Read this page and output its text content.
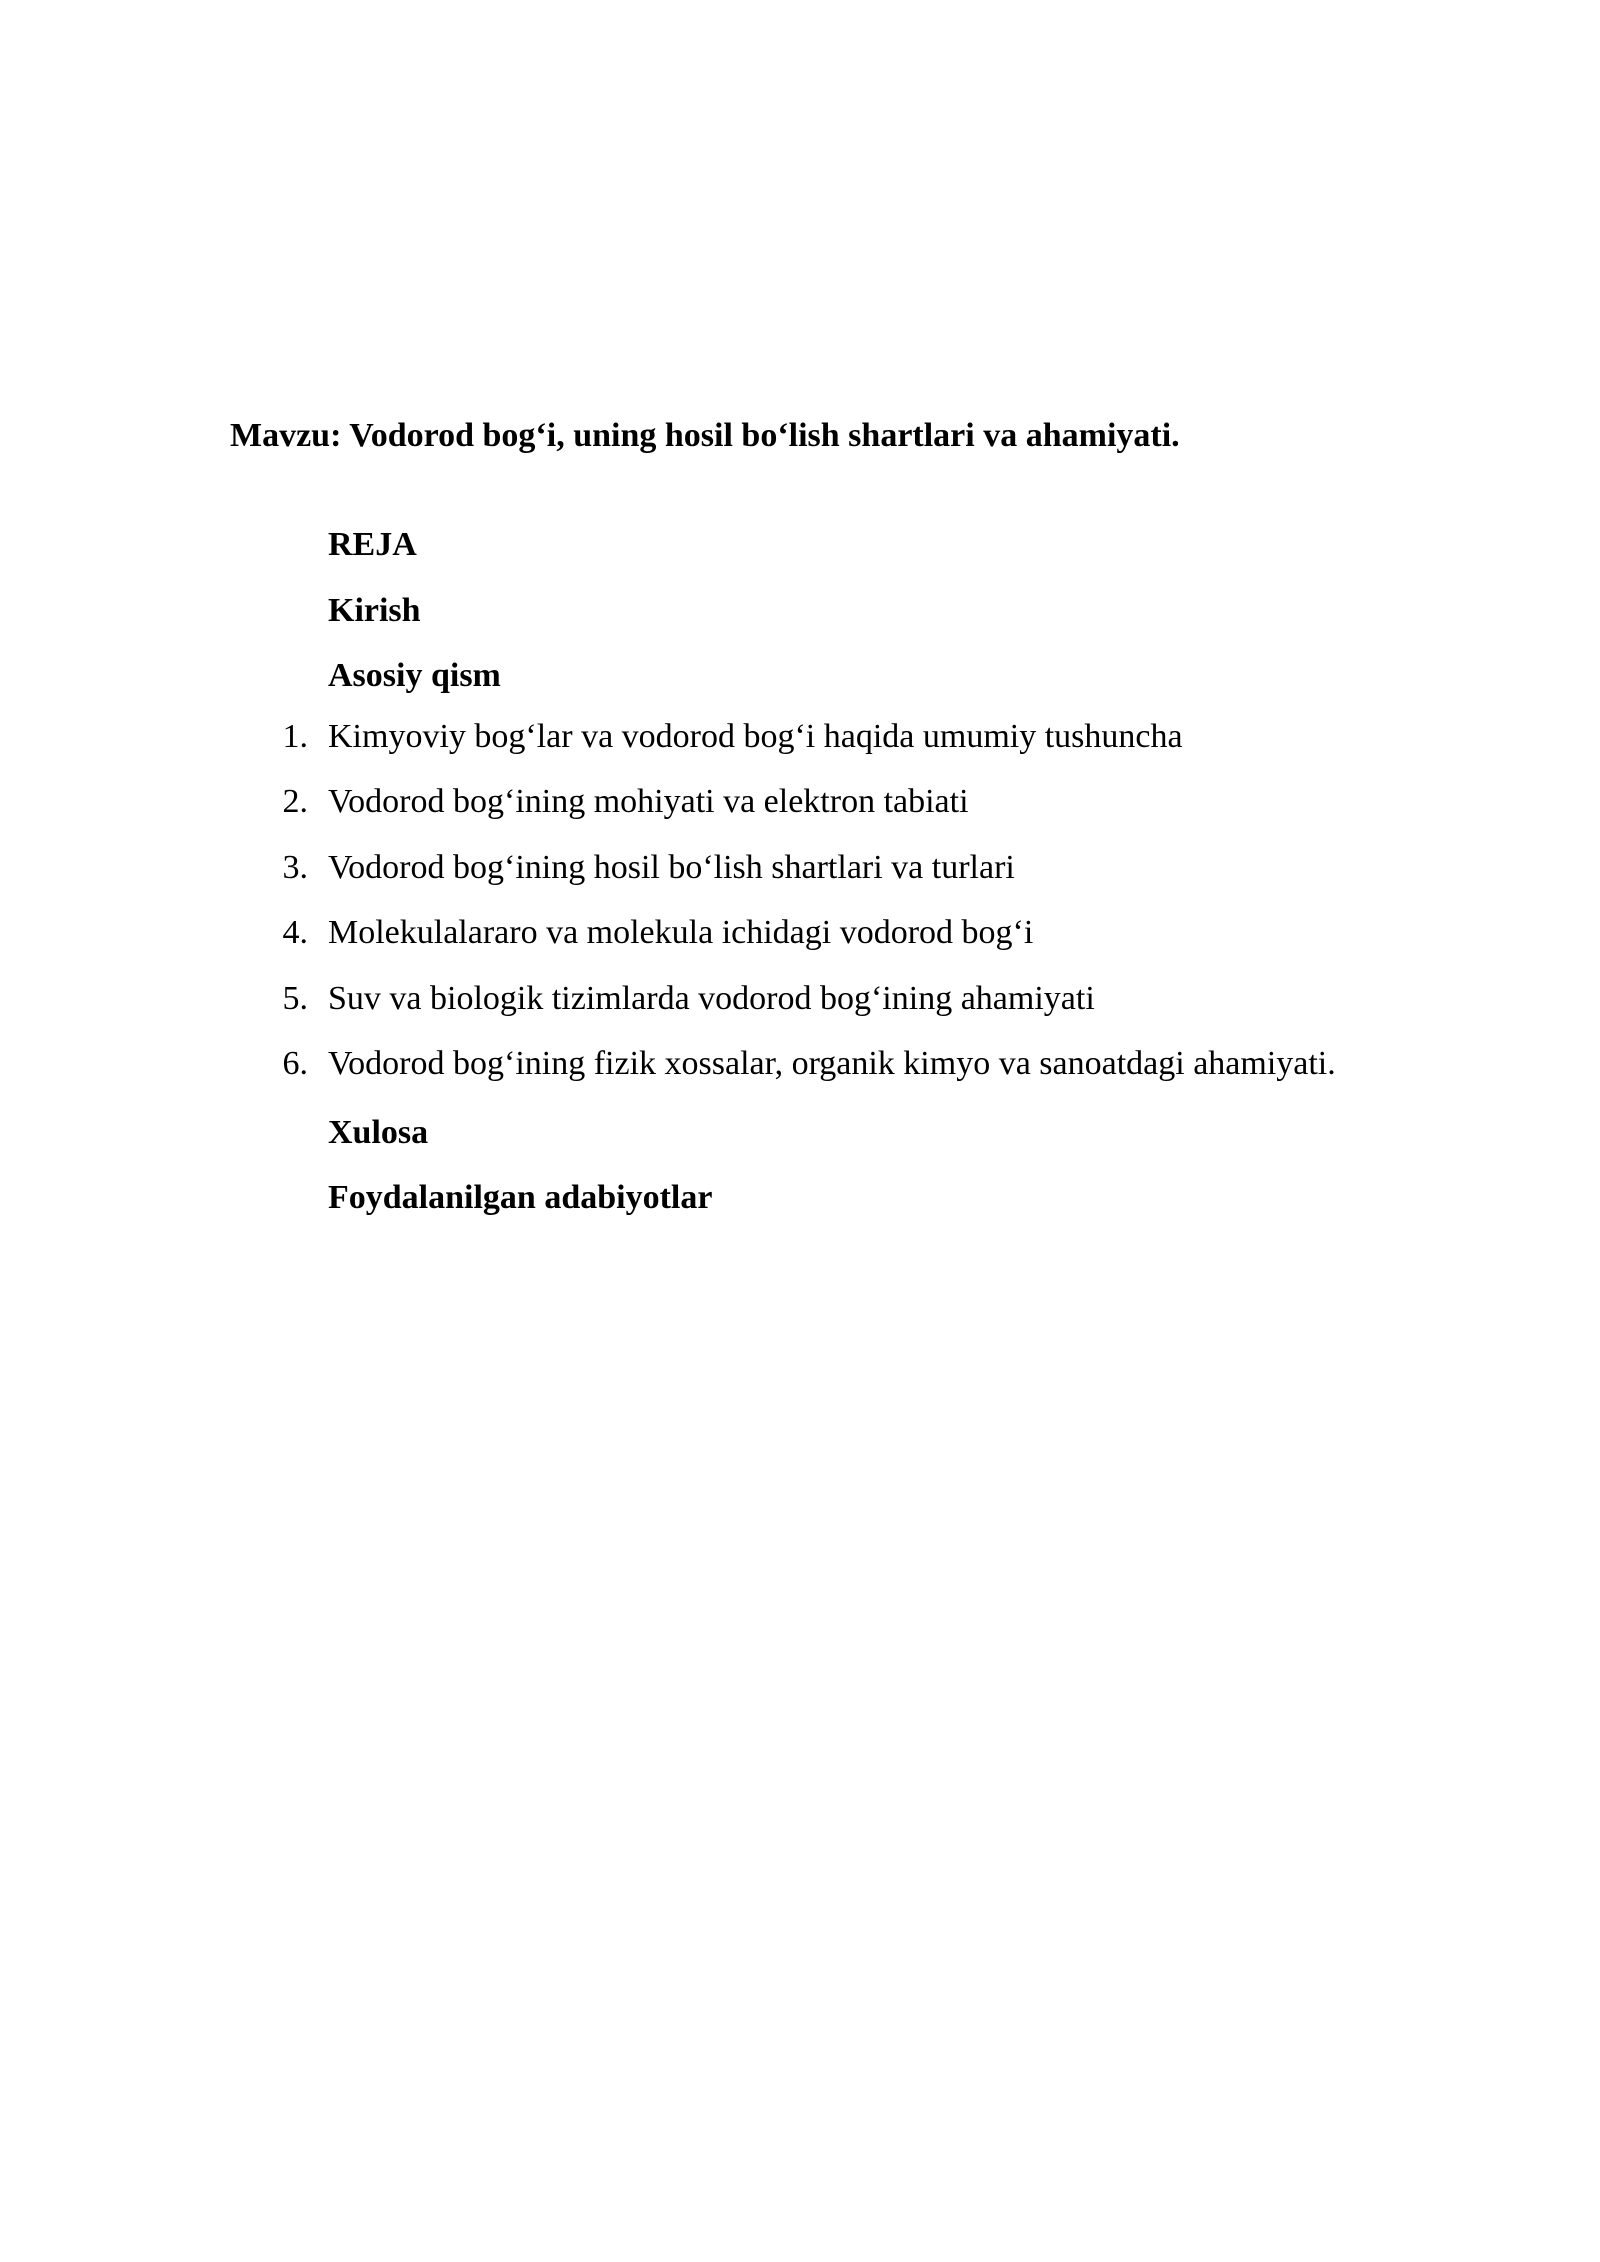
Mavzu: Vodorod bog‘i, uning hosil bo‘lish shartlari va ahamiyati.

REJA

Kirish

Asosiy qism

1. Kimyoviy bog‘lar va vodorod bog‘i haqida umumiy tushuncha
2. Vodorod bog‘ining mohiyati va elektron tabiati
3. Vodorod bog‘ining hosil bo‘lish shartlari va turlari
4. Molekulalararo va molekula ichidagi vodorod bog‘i
5. Suv va biologik tizimlarda vodorod bog‘ining ahamiyati
6. Vodorod bog‘ining fizik xossalar, organik kimyo va sanoatdagi ahamiyati.

Xulosa

Foydalanilgan adabiyotlar
